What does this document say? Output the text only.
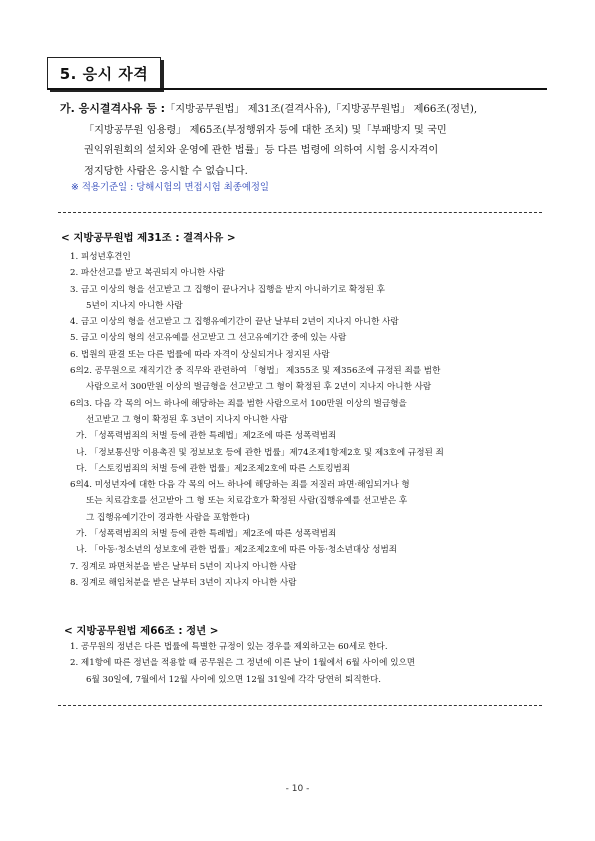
5. 응시 자격
가. 응시결격사유 등 :「지방공무원법」 제31조(결격사유),「지방공무원법」 제66조(정년),
「지방공무원 임용령」 제65조(부정행위자 등에 대한 조치) 및「부패방지 및 국민
권익위원회의 설치와 운영에 관한 법률」등 다른 법령에 의하여 시험 응시자격이
정지당한 사람은 응시할 수 없습니다.
※ 적용기준일 : 당해시험의 면접시험 최종예정일
< 지방공무원법 제31조 : 결격사유 >
1. 피성년후견인
2. 파산선고를 받고 복권되지 아니한 사람
3. 금고 이상의 형을 선고받고 그 집행이 끝나거나 집행을 받지 아니하기로 확정된 후
5년이 지나지 아니한 사람
4. 금고 이상의 형을 선고받고 그 집행유예기간이 끝난 날부터 2년이 지나지 아니한 사람
5. 금고 이상의 형의 선고유예를 선고받고 그 선고유예기간 중에 있는 사람
6. 법원의 판결 또는 다른 법률에 따라 자격이 상실되거나 정지된 사람
6의2. 공무원으로 재직기간 중 직무와 관련하여 「형법」 제355조 및 제356조에 규정된 죄를 범한
사람으로서 300만원 이상의 벌금형을 선고받고 그 형이 확정된 후 2년이 지나지 아니한 사람
6의3. 다음 각 목의 어느 하나에 해당하는 죄를 범한 사람으로서 100만원 이상의 벌금형을
선고받고 그 형이 확정된 후 3년이 지나지 아니한 사람
가. 「성폭력범죄의 처벌 등에 관한 특례법」제2조에 따른 성폭력범죄
나. 「정보통신망 이용촉진 및 정보보호 등에 관한 법률」제74조제1항제2호 및 제3호에 규정된 죄
다. 「스토킹범죄의 처벌 등에 관한 법률」제2조제2호에 따른 스토킹범죄
6의4. 미성년자에 대한 다음 각 목의 어느 하나에 해당하는 죄를 저질러 파면·해임되거나 형
또는 치료감호를 선고받아 그 형 또는 치료감호가 확정된 사람(집행유예를 선고받은 후
그 집행유예기간이 경과한 사람을 포함한다)
가. 「성폭력범죄의 처벌 등에 관한 특례법」제2조에 따른 성폭력범죄
나. 「아동·청소년의 성보호에 관한 법률」제2조제2호에 따른 아동·청소년대상 성범죄
7. 징계로 파면처분을 받은 날부터 5년이 지나지 아니한 사람
8. 징계로 해임처분을 받은 날부터 3년이 지나지 아니한 사람
< 지방공무원법 제66조 : 정년 >
1. 공무원의 정년은 다른 법률에 특별한 규정이 있는 경우를 제외하고는 60세로 한다.
2. 제1항에 따른 정년을 적용할 때 공무원은 그 정년에 이른 날이 1월에서 6월 사이에 있으면
6월 30일에, 7월에서 12월 사이에 있으면 12월 31일에 각각 당연히 퇴직한다.
- 10 -
